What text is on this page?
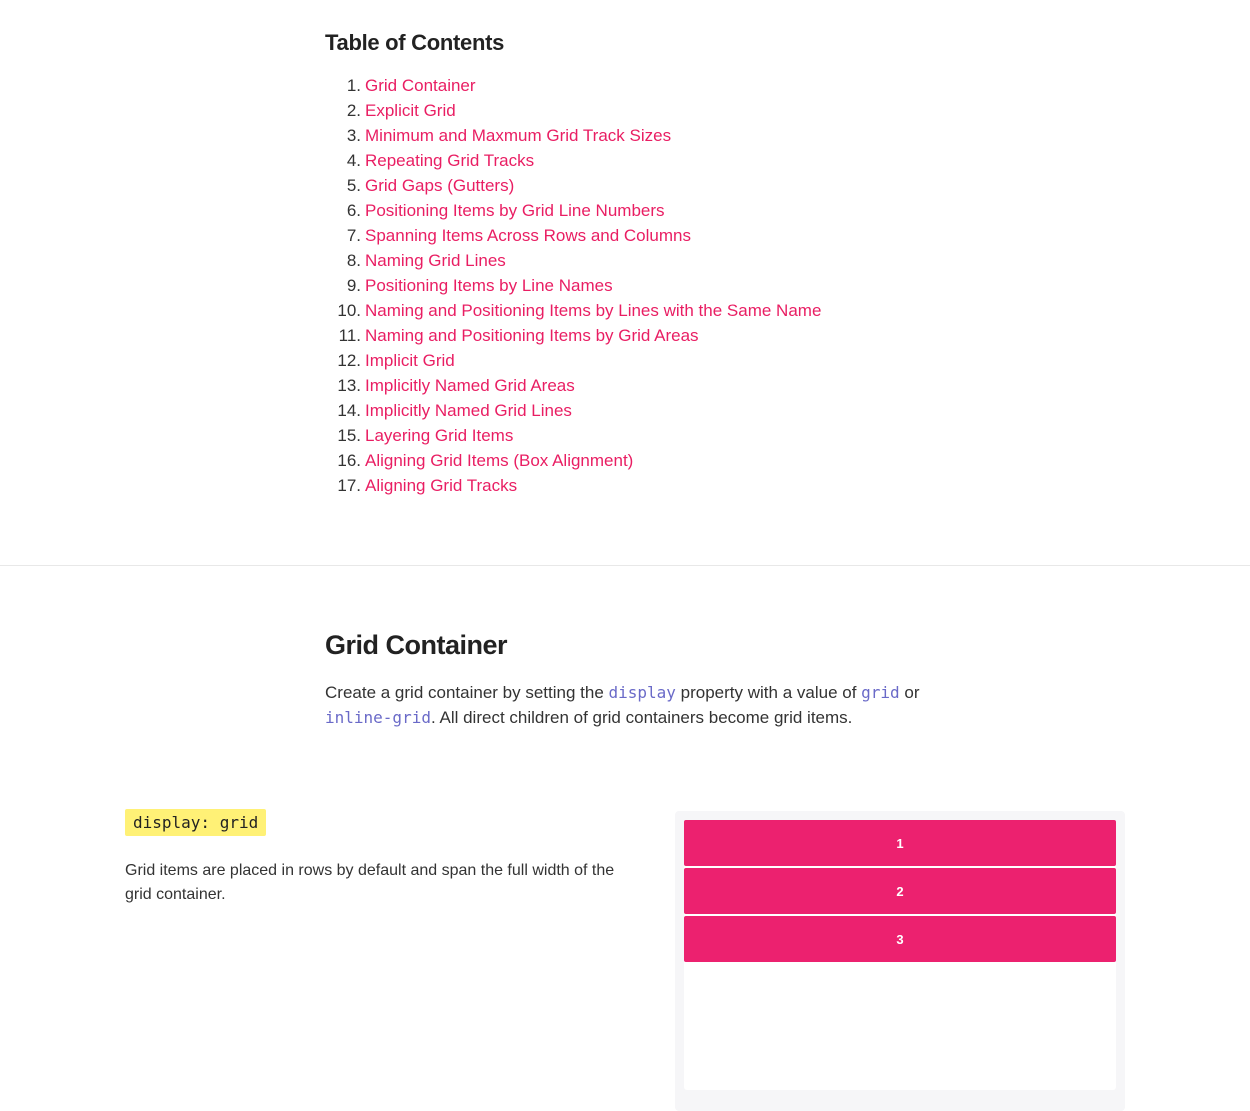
Table of Contents
1. Grid Container
2. Explicit Grid
3. Minimum and Maxmum Grid Track Sizes
4. Repeating Grid Tracks
5. Grid Gaps (Gutters)
6. Positioning Items by Grid Line Numbers
7. Spanning Items Across Rows and Columns
8. Naming Grid Lines
9. Positioning Items by Line Names
10. Naming and Positioning Items by Lines with the Same Name
11. Naming and Positioning Items by Grid Areas
12. Implicit Grid
13. Implicitly Named Grid Areas
14. Implicitly Named Grid Lines
15. Layering Grid Items
16. Aligning Grid Items (Box Alignment)
17. Aligning Grid Tracks
Grid Container

Create a grid container by setting the display property with a value of grid or inline-grid. All direct children of grid containers become grid items.

display: grid
Grid items are placed in rows by default and span the full width of the grid container.
1
2
3
